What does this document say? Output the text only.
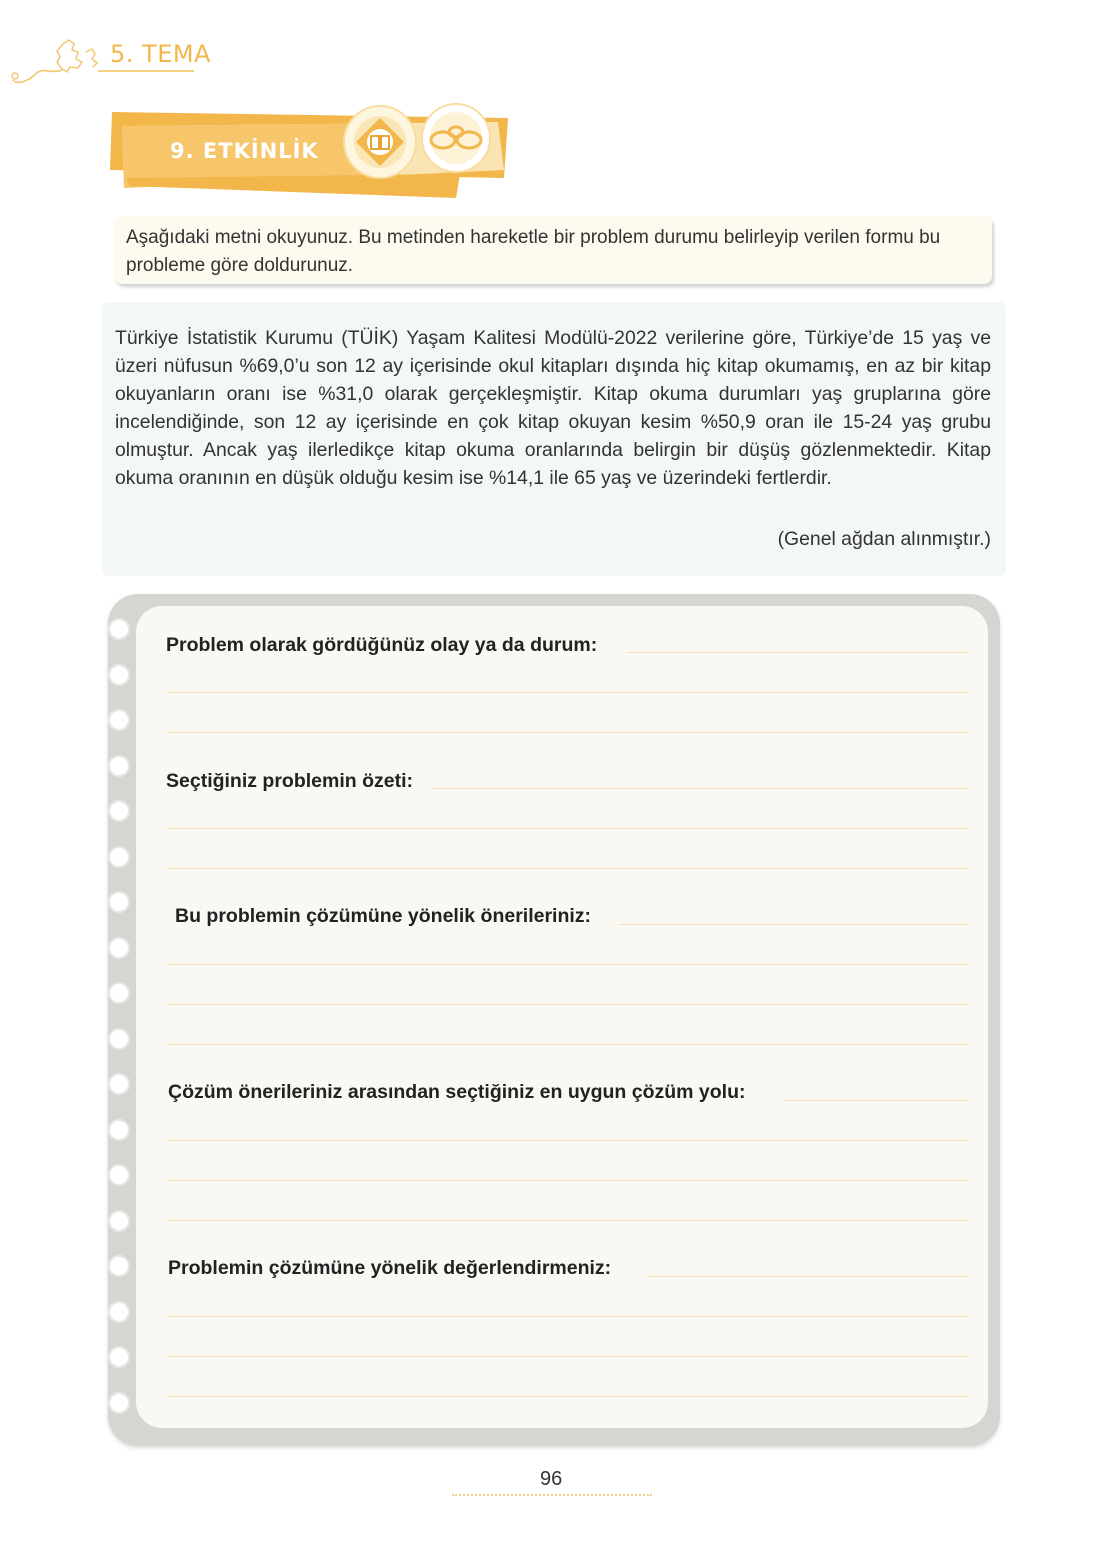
5. TEMA
9. ETKİNLİK
Aşağıdaki metni okuyunuz. Bu metinden hareketle bir problem durumu belirleyip verilen formu bu probleme göre doldurunuz.
Türkiye İstatistik Kurumu (TÜİK) Yaşam Kalitesi Modülü-2022 verilerine göre, Türkiye’de 15 yaş ve üzeri nüfusun %69,0’u son 12 ay içerisinde okul kitapları dışında hiç kitap okumamış, en az bir kitap okuyanların oranı ise %31,0 olarak gerçekleşmiştir. Kitap okuma durumları yaş gruplarına göre incelendiğinde, son 12 ay içerisinde en çok kitap okuyan kesim %50,9 oran ile 15-24 yaş grubu olmuştur. Ancak yaş ilerledikçe kitap okuma oranlarında belirgin bir düşüş gözlenmektedir. Kitap okuma oranının en düşük olduğu kesim ise %14,1 ile 65 yaş ve üzerindeki fertlerdir.
(Genel ağdan alınmıştır.)
Problem olarak gördüğünüz olay ya da durum:
Seçtiğiniz problemin özeti:
Bu problemin çözümüne yönelik önerileriniz:
Çözüm önerileriniz arasından seçtiğiniz en uygun çözüm yolu:
Problemin çözümüne yönelik değerlendirmeniz:
96
